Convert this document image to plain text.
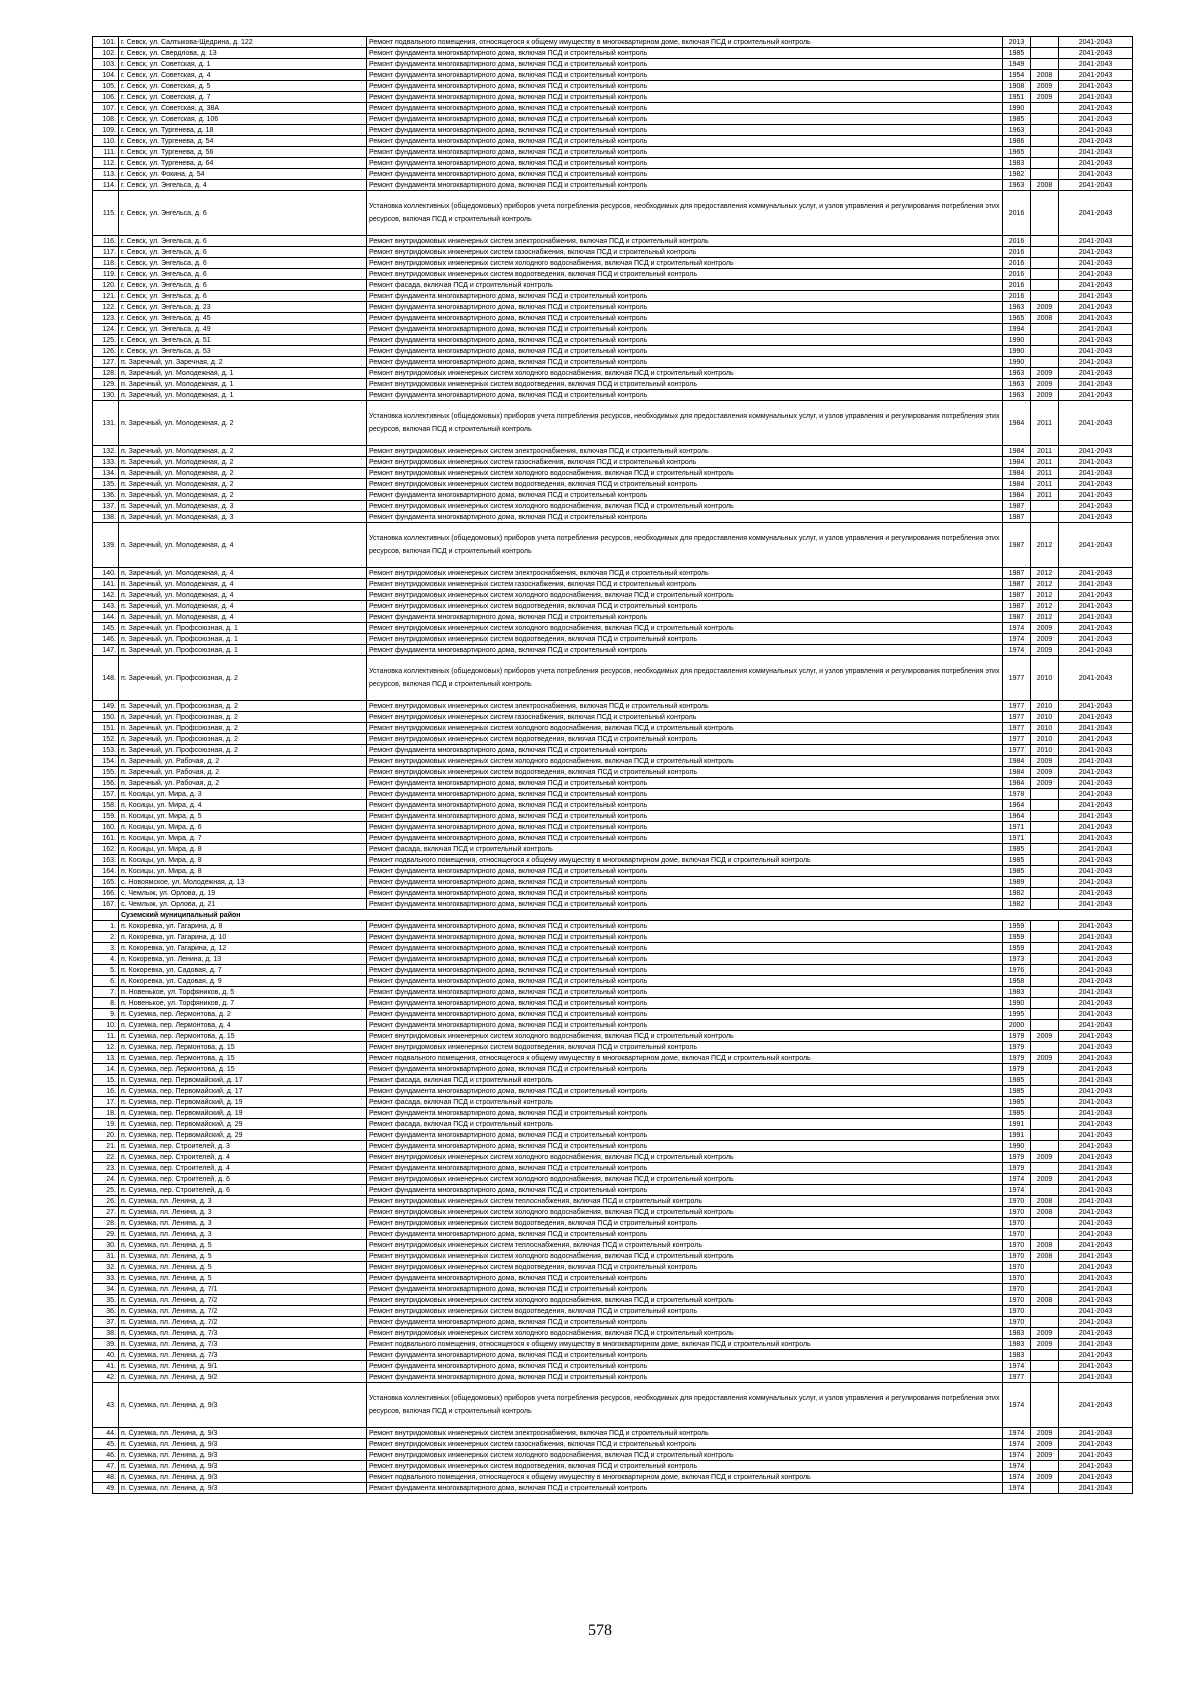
101.	г. Севск, ул. Салтыкова-Щедрина, д. 122	Ремонт подвального помещения, относящегося к общему имуществу в многоквартирном доме, включая ПСД и строительный контроль	2013		2041-2043
102.	г. Севск, ул. Свердлова, д. 13	Ремонт фундамента многоквартирного дома, включая ПСД и строительный контроль	1985		2041-2043
103.	г. Севск, ул. Советская, д. 1	Ремонт фундамента многоквартирного дома, включая ПСД и строительный контроль	1949		2041-2043
104.	г. Севск, ул. Советская, д. 4	Ремонт фундамента многоквартирного дома, включая ПСД и строительный контроль	1954	2008	2041-2043
105.	г. Севск, ул. Советская, д. 5	Ремонт фундамента многоквартирного дома, включая ПСД и строительный контроль	1908	2009	2041-2043
106.	г. Севск, ул. Советская, д. 7	Ремонт фундамента многоквартирного дома, включая ПСД и строительный контроль	1951	2009	2041-2043
107.	г. Севск, ул. Советская, д. 38А	Ремонт фундамента многоквартирного дома, включая ПСД и строительный контроль	1990		2041-2043
108.	г. Севск, ул. Советская, д. 106	Ремонт фундамента многоквартирного дома, включая ПСД и строительный контроль	1985		2041-2043
109.	г. Севск, ул. Тургенева, д. 18	Ремонт фундамента многоквартирного дома, включая ПСД и строительный контроль	1963		2041-2043
110.	г. Севск, ул. Тургенева, д. 54	Ремонт фундамента многоквартирного дома, включая ПСД и строительный контроль	1986		2041-2043
111.	г. Севск, ул. Тургенева, д. 56	Ремонт фундамента многоквартирного дома, включая ПСД и строительный контроль	1965		2041-2043
112.	г. Севск, ул. Тургенева, д. 64	Ремонт фундамента многоквартирного дома, включая ПСД и строительный контроль	1983		2041-2043
113.	г. Севск, ул. Фокина, д. 54	Ремонт фундамента многоквартирного дома, включая ПСД и строительный контроль	1982		2041-2043
114.	г. Севск, ул. Энгельса, д. 4	Ремонт фундамента многоквартирного дома, включая ПСД и строительный контроль	1963	2008	2041-2043
115.	г. Севск, ул. Энгельса, д. 6	Установка коллективных (общедомовых) приборов учета потребления ресурсов, необходимых для предоставления коммунальных услуг, и узлов управления и регулирования потребления этих ресурсов, включая ПСД и строительный контроль	2016		2041-2043
116.	г. Севск, ул. Энгельса, д. 6	Ремонт внутридомовых инженерных систем электроснабжения, включая ПСД и строительный контроль	2016		2041-2043
117.	г. Севск, ул. Энгельса, д. 6	Ремонт внутридомовых инженерных систем газоснабжения, включая ПСД и строительный контроль	2016		2041-2043
118.	г. Севск, ул. Энгельса, д. 6	Ремонт внутридомовых инженерных систем холодного водоснабжения, включая ПСД и строительный контроль	2016		2041-2043
119.	г. Севск, ул. Энгельса, д. 6	Ремонт внутридомовых инженерных систем водоотведения, включая ПСД и строительный контроль	2016		2041-2043
120.	г. Севск, ул. Энгельса, д. 6	Ремонт фасада, включая ПСД и строительный контроль	2016		2041-2043
121.	г. Севск, ул. Энгельса, д. 6	Ремонт фундамента многоквартирного дома, включая ПСД и строительный контроль	2016		2041-2043
122.	г. Севск, ул. Энгельса, д. 23	Ремонт фундамента многоквартирного дома, включая ПСД и строительный контроль	1963	2009	2041-2043
123.	г. Севск, ул. Энгельса, д. 45	Ремонт фундамента многоквартирного дома, включая ПСД и строительный контроль	1965	2008	2041-2043
124.	г. Севск, ул. Энгельса, д. 49	Ремонт фундамента многоквартирного дома, включая ПСД и строительный контроль	1994		2041-2043
125.	г. Севск, ул. Энгельса, д. 51	Ремонт фундамента многоквартирного дома, включая ПСД и строительный контроль	1990		2041-2043
126.	г. Севск, ул. Энгельса, д. 53	Ремонт фундамента многоквартирного дома, включая ПСД и строительный контроль	1990		2041-2043
127.	п. Заречный, ул. Заречная, д. 2	Ремонт фундамента многоквартирного дома, включая ПСД и строительный контроль	1990		2041-2043
128.	п. Заречный, ул. Молодежная, д. 1	Ремонт внутридомовых инженерных систем холодного водоснабжения, включая ПСД и строительный контроль	1963	2009	2041-2043
129.	п. Заречный, ул. Молодежная, д. 1	Ремонт внутридомовых инженерных систем водоотведения, включая ПСД и строительный контроль	1963	2009	2041-2043
130.	п. Заречный, ул. Молодежная, д. 1	Ремонт фундамента многоквартирного дома, включая ПСД и строительный контроль	1963	2009	2041-2043
131.	п. Заречный, ул. Молодежная, д. 2	Установка коллективных (общедомовых) приборов учета потребления ресурсов, необходимых для предоставления коммунальных услуг, и узлов управления и регулирования потребления этих ресурсов, включая ПСД и строительный контроль	1984	2011	2041-2043
132.	п. Заречный, ул. Молодежная, д. 2	Ремонт внутридомовых инженерных систем электроснабжения, включая ПСД и строительный контроль	1984	2011	2041-2043
133.	п. Заречный, ул. Молодежная, д. 2	Ремонт внутридомовых инженерных систем газоснабжения, включая ПСД и строительный контроль	1984	2011	2041-2043
134.	п. Заречный, ул. Молодежная, д. 2	Ремонт внутридомовых инженерных систем холодного водоснабжения, включая ПСД и строительный контроль	1984	2011	2041-2043
135.	п. Заречный, ул. Молодежная, д. 2	Ремонт внутридомовых инженерных систем водоотведения, включая ПСД и строительный контроль	1984	2011	2041-2043
136.	п. Заречный, ул. Молодежная, д. 2	Ремонт фундамента многоквартирного дома, включая ПСД и строительный контроль	1984	2011	2041-2043
137.	п. Заречный, ул. Молодежная, д. 3	Ремонт внутридомовых инженерных систем холодного водоснабжения, включая ПСД и строительный контроль	1987		2041-2043
138.	п. Заречный, ул. Молодежная, д. 3	Ремонт фундамента многоквартирного дома, включая ПСД и строительный контроль	1987		2041-2043
139.	п. Заречный, ул. Молодежная, д. 4	Установка коллективных (общедомовых) приборов учета потребления ресурсов, необходимых для предоставления коммунальных услуг, и узлов управления и регулирования потребления этих ресурсов, включая ПСД и строительный контроль	1987	2012	2041-2043
140.	п. Заречный, ул. Молодежная, д. 4	Ремонт внутридомовых инженерных систем электроснабжения, включая ПСД и строительный контроль	1987	2012	2041-2043
141.	п. Заречный, ул. Молодежная, д. 4	Ремонт внутридомовых инженерных систем газоснабжения, включая ПСД и строительный контроль	1987	2012	2041-2043
142.	п. Заречный, ул. Молодежная, д. 4	Ремонт внутридомовых инженерных систем холодного водоснабжения, включая ПСД и строительный контроль	1987	2012	2041-2043
143.	п. Заречный, ул. Молодежная, д. 4	Ремонт внутридомовых инженерных систем водоотведения, включая ПСД и строительный контроль	1987	2012	2041-2043
144.	п. Заречный, ул. Молодежная, д. 4	Ремонт фундамента многоквартирного дома, включая ПСД и строительный контроль	1987	2012	2041-2043
145.	п. Заречный, ул. Профсоюзная, д. 1	Ремонт внутридомовых инженерных систем холодного водоснабжения, включая ПСД и строительный контроль	1974	2009	2041-2043
146.	п. Заречный, ул. Профсоюзная, д. 1	Ремонт внутридомовых инженерных систем водоотведения, включая ПСД и строительный контроль	1974	2009	2041-2043
147.	п. Заречный, ул. Профсоюзная, д. 1	Ремонт фундамента многоквартирного дома, включая ПСД и строительный контроль	1974	2009	2041-2043
148.	п. Заречный, ул. Профсоюзная, д. 2	Установка коллективных (общедомовых) приборов учета потребления ресурсов, необходимых для предоставления коммунальных услуг, и узлов управления и регулирования потребления этих ресурсов, включая ПСД и строительный контроль	1977	2010	2041-2043
149.	п. Заречный, ул. Профсоюзная, д. 2	Ремонт внутридомовых инженерных систем электроснабжения, включая ПСД и строительный контроль	1977	2010	2041-2043
150.	п. Заречный, ул. Профсоюзная, д. 2	Ремонт внутридомовых инженерных систем газоснабжения, включая ПСД и строительный контроль	1977	2010	2041-2043
151.	п. Заречный, ул. Профсоюзная, д. 2	Ремонт внутридомовых инженерных систем холодного водоснабжения, включая ПСД и строительный контроль	1977	2010	2041-2043
152.	п. Заречный, ул. Профсоюзная, д. 2	Ремонт внутридомовых инженерных систем водоотведения, включая ПСД и строительный контроль	1977	2010	2041-2043
153.	п. Заречный, ул. Профсоюзная, д. 2	Ремонт фундамента многоквартирного дома, включая ПСД и строительный контроль	1977	2010	2041-2043
154.	п. Заречный, ул. Рабочая, д. 2	Ремонт внутридомовых инженерных систем холодного водоснабжения, включая ПСД и строительный контроль	1984	2009	2041-2043
155.	п. Заречный, ул. Рабочая, д. 2	Ремонт внутридомовых инженерных систем водоотведения, включая ПСД и строительный контроль	1984	2009	2041-2043
156.	п. Заречный, ул. Рабочая, д. 2	Ремонт фундамента многоквартирного дома, включая ПСД и строительный контроль	1984	2009	2041-2043
157.	п. Косицы, ул. Мира, д. 3	Ремонт фундамента многоквартирного дома, включая ПСД и строительный контроль	1978		2041-2043
158.	п. Косицы, ул. Мира, д. 4	Ремонт фундамента многоквартирного дома, включая ПСД и строительный контроль	1964		2041-2043
159.	п. Косицы, ул. Мира, д. 5	Ремонт фундамента многоквартирного дома, включая ПСД и строительный контроль	1964		2041-2043
160.	п. Косицы, ул. Мира, д. 6	Ремонт фундамента многоквартирного дома, включая ПСД и строительный контроль	1971		2041-2043
161.	п. Косицы, ул. Мира, д. 7	Ремонт фундамента многоквартирного дома, включая ПСД и строительный контроль	1971		2041-2043
162.	п. Косицы, ул. Мира, д. 8	Ремонт фасада, включая ПСД и строительный контроль	1985		2041-2043
163.	п. Косицы, ул. Мира, д. 8	Ремонт подвального помещения, относящегося к общему имуществу в многоквартирном доме, включая ПСД и строительный контроль	1985		2041-2043
164.	п. Косицы, ул. Мира, д. 8	Ремонт фундамента многоквартирного дома, включая ПСД и строительный контроль	1985		2041-2043
165.	с. Новоямское, ул. Молодежная, д. 13	Ремонт фундамента многоквартирного дома, включая ПСД и строительный контроль	1989		2041-2043
166.	с. Чемлыж, ул. Орлова, д. 19	Ремонт фундамента многоквартирного дома, включая ПСД и строительный контроль	1982		2041-2043
167.	с. Чемлыж, ул. Орлова, д. 21	Ремонт фундамента многоквартирного дома, включая ПСД и строительный контроль	1982		2041-2043
	Суземский муниципальный район				
1.	п. Кокоревка, ул. Гагарина, д. 8	Ремонт фундамента многоквартирного дома, включая ПСД и строительный контроль	1959		2041-2043
2.	п. Кокоревка, ул. Гагарина, д. 10	Ремонт фундамента многоквартирного дома, включая ПСД и строительный контроль	1959		2041-2043
3.	п. Кокоревка, ул. Гагарина, д. 12	Ремонт фундамента многоквартирного дома, включая ПСД и строительный контроль	1959		2041-2043
4.	п. Кокоревка, ул. Ленина, д. 13	Ремонт фундамента многоквартирного дома, включая ПСД и строительный контроль	1973		2041-2043
5.	п. Кокоревка, ул. Садовая, д. 7	Ремонт фундамента многоквартирного дома, включая ПСД и строительный контроль	1976		2041-2043
6.	п. Кокоревка, ул. Садовая, д. 9	Ремонт фундамента многоквартирного дома, включая ПСД и строительный контроль	1958		2041-2043
7.	п. Новенькое, ул. Торфяников, д. 5	Ремонт фундамента многоквартирного дома, включая ПСД и строительный контроль	1983		2041-2043
8.	п. Новенькое, ул. Торфяников, д. 7	Ремонт фундамента многоквартирного дома, включая ПСД и строительный контроль	1990		2041-2043
9.	п. Суземка, пер. Лермонтова, д. 2	Ремонт фундамента многоквартирного дома, включая ПСД и строительный контроль	1995		2041-2043
10.	п. Суземка, пер. Лермонтова, д. 4	Ремонт фундамента многоквартирного дома, включая ПСД и строительный контроль	2000		2041-2043
11.	п. Суземка, пер. Лермонтова, д. 15	Ремонт внутридомовых инженерных систем холодного водоснабжения, включая ПСД и строительный контроль	1979	2009	2041-2043
12.	п. Суземка, пер. Лермонтова, д. 15	Ремонт внутридомовых инженерных систем водоотведения, включая ПСД и строительный контроль	1979		2041-2043
13.	п. Суземка, пер. Лермонтова, д. 15	Ремонт подвального помещения, относящегося к общему имуществу в многоквартирном доме, включая ПСД и строительный контроль	1979	2009	2041-2043
14.	п. Суземка, пер. Лермонтова, д. 15	Ремонт фундамента многоквартирного дома, включая ПСД и строительный контроль	1979		2041-2043
15.	п. Суземка, пер. Первомайский, д. 17	Ремонт фасада, включая ПСД и строительный контроль	1985		2041-2043
16.	п. Суземка, пер. Первомайский, д. 17	Ремонт фундамента многоквартирного дома, включая ПСД и строительный контроль	1985		2041-2043
17.	п. Суземка, пер. Первомайский, д. 19	Ремонт фасада, включая ПСД и строительный контроль	1985		2041-2043
18.	п. Суземка, пер. Первомайский, д. 19	Ремонт фундамента многоквартирного дома, включая ПСД и строительный контроль	1985		2041-2043
19.	п. Суземка, пер. Первомайский, д. 29	Ремонт фасада, включая ПСД и строительный контроль	1991		2041-2043
20.	п. Суземка, пер. Первомайский, д. 29	Ремонт фундамента многоквартирного дома, включая ПСД и строительный контроль	1991		2041-2043
21.	п. Суземка, пер. Строителей, д. 3	Ремонт фундамента многоквартирного дома, включая ПСД и строительный контроль	1990		2041-2043
22.	п. Суземка, пер. Строителей, д. 4	Ремонт внутридомовых инженерных систем холодного водоснабжения, включая ПСД и строительный контроль	1979	2009	2041-2043
23.	п. Суземка, пер. Строителей, д. 4	Ремонт фундамента многоквартирного дома, включая ПСД и строительный контроль	1979		2041-2043
24.	п. Суземка, пер. Строителей, д. 6	Ремонт внутридомовых инженерных систем холодного водоснабжения, включая ПСД и строительный контроль	1974	2009	2041-2043
25.	п. Суземка, пер. Строителей, д. 6	Ремонт фундамента многоквартирного дома, включая ПСД и строительный контроль	1974		2041-2043
26.	п. Суземка, пл. Ленина, д. 3	Ремонт внутридомовых инженерных систем теплоснабжения, включая ПСД и строительный контроль	1970	2008	2041-2043
27.	п. Суземка, пл. Ленина, д. 3	Ремонт внутридомовых инженерных систем холодного водоснабжения, включая ПСД и строительный контроль	1970	2008	2041-2043
28.	п. Суземка, пл. Ленина, д. 3	Ремонт внутридомовых инженерных систем водоотведения, включая ПСД и строительный контроль	1970		2041-2043
29.	п. Суземка, пл. Ленина, д. 3	Ремонт фундамента многоквартирного дома, включая ПСД и строительный контроль	1970		2041-2043
30.	п. Суземка, пл. Ленина, д. 5	Ремонт внутридомовых инженерных систем теплоснабжения, включая ПСД и строительный контроль	1970	2008	2041-2043
31.	п. Суземка, пл. Ленина, д. 5	Ремонт внутридомовых инженерных систем холодного водоснабжения, включая ПСД и строительный контроль	1970	2008	2041-2043
32.	п. Суземка, пл. Ленина, д. 5	Ремонт внутридомовых инженерных систем водоотведения, включая ПСД и строительный контроль	1970		2041-2043
33.	п. Суземка, пл. Ленина, д. 5	Ремонт фундамента многоквартирного дома, включая ПСД и строительный контроль	1970		2041-2043
34.	п. Суземка, пл. Ленина, д. 7/1	Ремонт фундамента многоквартирного дома, включая ПСД и строительный контроль	1970		2041-2043
35.	п. Суземка, пл. Ленина, д. 7/2	Ремонт внутридомовых инженерных систем холодного водоснабжения, включая ПСД и строительный контроль	1970	2008	2041-2043
36.	п. Суземка, пл. Ленина, д. 7/2	Ремонт внутридомовых инженерных систем водоотведения, включая ПСД и строительный контроль	1970		2041-2043
37.	п. Суземка, пл. Ленина, д. 7/2	Ремонт фундамента многоквартирного дома, включая ПСД и строительный контроль	1970		2041-2043
38.	п. Суземка, пл. Ленина, д. 7/3	Ремонт внутридомовых инженерных систем холодного водоснабжения, включая ПСД и строительный контроль	1983	2009	2041-2043
39.	п. Суземка, пл. Ленина, д. 7/3	Ремонт подвального помещения, относящегося к общему имуществу в многоквартирном доме, включая ПСД и строительный контроль	1983	2009	2041-2043
40.	п. Суземка, пл. Ленина, д. 7/3	Ремонт фундамента многоквартирного дома, включая ПСД и строительный контроль	1983		2041-2043
41.	п. Суземка, пл. Ленина, д. 9/1	Ремонт фундамента многоквартирного дома, включая ПСД и строительный контроль	1974		2041-2043
42.	п. Суземка, пл. Ленина, д. 9/2	Ремонт фундамента многоквартирного дома, включая ПСД и строительный контроль	1977		2041-2043
43.	п. Суземка, пл. Ленина, д. 9/3	Установка коллективных (общедомовых) приборов учета потребления ресурсов, необходимых для предоставления коммунальных услуг, и узлов управления и регулирования потребления этих ресурсов, включая ПСД и строительный контроль	1974		2041-2043
44.	п. Суземка, пл. Ленина, д. 9/3	Ремонт внутридомовых инженерных систем электроснабжения, включая ПСД и строительный контроль	1974	2009	2041-2043
45.	п. Суземка, пл. Ленина, д. 9/3	Ремонт внутридомовых инженерных систем газоснабжения, включая ПСД и строительный контроль	1974	2009	2041-2043
46.	п. Суземка, пл. Ленина, д. 9/3	Ремонт внутридомовых инженерных систем холодного водоснабжения, включая ПСД и строительный контроль	1974	2009	2041-2043
47.	п. Суземка, пл. Ленина, д. 9/3	Ремонт внутридомовых инженерных систем водоотведения, включая ПСД и строительный контроль	1974		2041-2043
48.	п. Суземка, пл. Ленина, д. 9/3	Ремонт подвального помещения, относящегося к общему имуществу в многоквартирном доме, включая ПСД и строительный контроль	1974	2009	2041-2043
49.	п. Суземка, пл. Ленина, д. 9/3	Ремонт фундамента многоквартирного дома, включая ПСД и строительный контроль	1974		2041-2043
578
